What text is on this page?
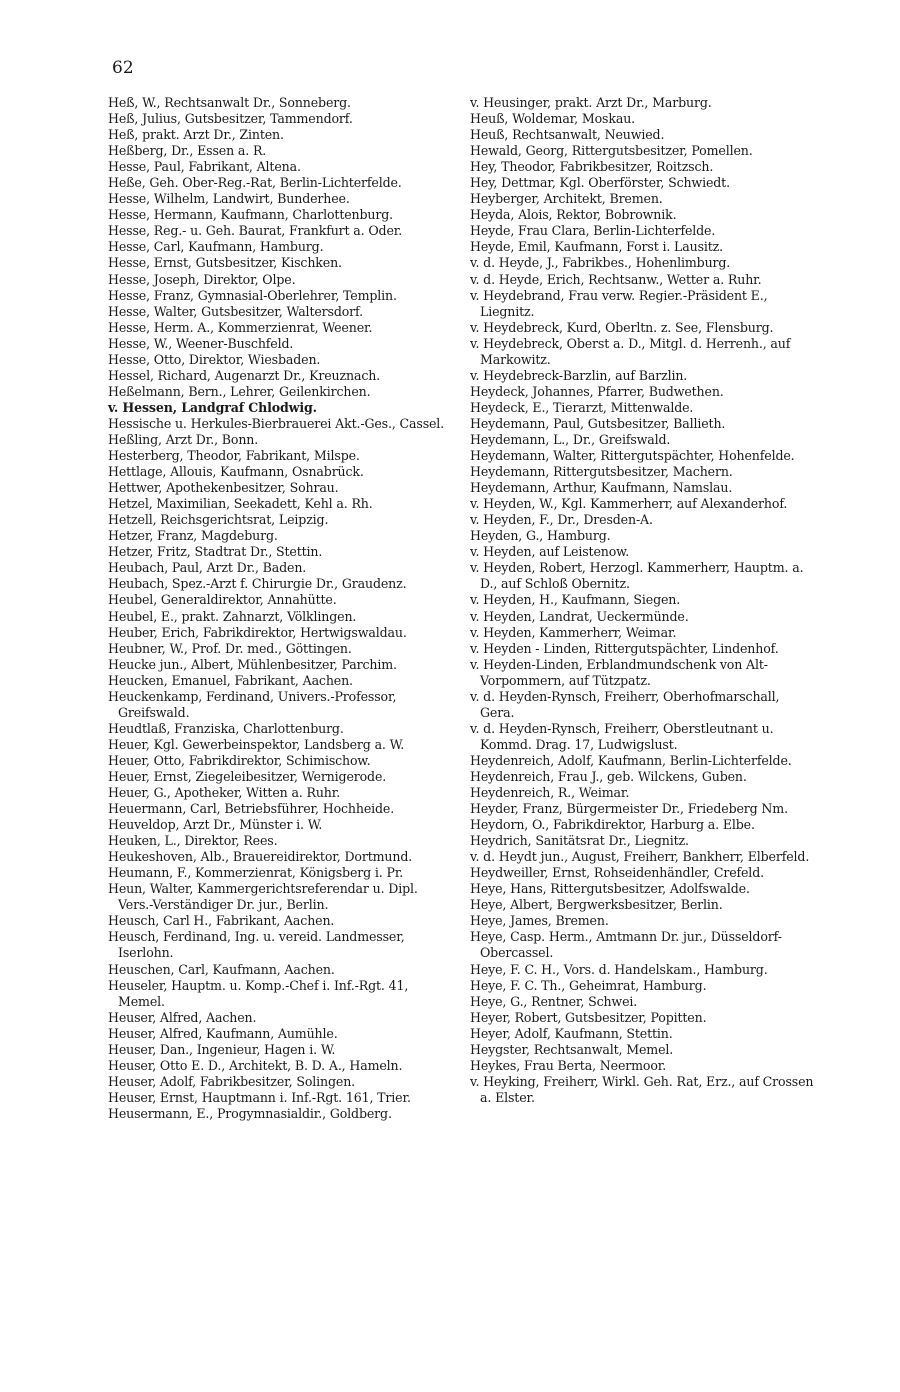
62
Heß, W., Rechtsanwalt Dr., Sonneberg.
Heß, Julius, Gutsbesitzer, Tammendorf.
Heß, prakt. Arzt Dr., Zinten.
Heßberg, Dr., Essen a. R.
Hesse, Paul, Fabrikant, Altena.
Heße, Geh. Ober-Reg.-Rat, Berlin-Lichterfelde.
Hesse, Wilhelm, Landwirt, Bunderhee.
Hesse, Hermann, Kaufmann, Charlottenburg.
Hesse, Reg.- u. Geh. Baurat, Frankfurt a. Oder.
Hesse, Carl, Kaufmann, Hamburg.
Hesse, Ernst, Gutsbesitzer, Kischken.
Hesse, Joseph, Direktor, Olpe.
Hesse, Franz, Gymnasial-Oberlehrer, Templin.
Hesse, Walter, Gutsbesitzer, Waltersdorf.
Hesse, Herm. A., Kommerzienrat, Weener.
Hesse, W., Weener-Buschfeld.
Hesse, Otto, Direktor, Wiesbaden.
Hessel, Richard, Augenarzt Dr., Kreuznach.
Heßelmann, Bern., Lehrer, Geilenkirchen.
v. Hessen, Landgraf Chlodwig.
Hessische u. Herkules-Bierbrauerei Akt.-Ges., Cassel.
Heßling, Arzt Dr., Bonn.
Hesterberg, Theodor, Fabrikant, Milspe.
Hettlage, Allouis, Kaufmann, Osnabrück.
Hettwer, Apothekenbesitzer, Sohrau.
Hetzel, Maximilian, Seekadett, Kehl a. Rh.
Hetzell, Reichsgerichtsrat, Leipzig.
Hetzer, Franz, Magdeburg.
Hetzer, Fritz, Stadtrat Dr., Stettin.
Heubach, Paul, Arzt Dr., Baden.
Heubach, Spez.-Arzt f. Chirurgie Dr., Graudenz.
Heubel, Generaldirektor, Annahütte.
Heubel, E., prakt. Zahnarzt, Völklingen.
Heuber, Erich, Fabrikdirektor, Hertwigswaldau.
Heubner, W., Prof. Dr. med., Göttingen.
Heucke jun., Albert, Mühlenbesitzer, Parchim.
Heucken, Emanuel, Fabrikant, Aachen.
Heuckenkamp, Ferdinand, Univers.-Professor, Greifswald.
Heudtlaß, Franziska, Charlottenburg.
Heuer, Kgl. Gewerbeinspektor, Landsberg a. W.
Heuer, Otto, Fabrikdirektor, Schimischow.
Heuer, Ernst, Ziegeleibesitzer, Wernigerode.
Heuer, G., Apotheker, Witten a. Ruhr.
Heuermann, Carl, Betriebsführer, Hochheide.
Heuveldop, Arzt Dr., Münster i. W.
Heuken, L., Direktor, Rees.
Heukeshoven, Alb., Brauereidirektor, Dortmund.
Heumann, F., Kommerzienrat, Königsberg i. Pr.
Heun, Walter, Kammergerichtsreferendar u. Dipl. Vers.-Verständiger Dr. jur., Berlin.
Heusch, Carl H., Fabrikant, Aachen.
Heusch, Ferdinand, Ing. u. vereid. Landmesser, Iserlohn.
Heuschen, Carl, Kaufmann, Aachen.
Heuseler, Hauptm. u. Komp.-Chef i. Inf.-Rgt. 41, Memel.
Heuser, Alfred, Aachen.
Heuser, Alfred, Kaufmann, Aumühle.
Heuser, Dan., Ingenieur, Hagen i. W.
Heuser, Otto E. D., Architekt, B. D. A., Hameln.
Heuser, Adolf, Fabrikbesitzer, Solingen.
Heuser, Ernst, Hauptmann i. Inf.-Rgt. 161, Trier.
Heusermann, E., Progymnasialdir., Goldberg.
v. Heusinger, prakt. Arzt Dr., Marburg.
Heuß, Woldemar, Moskau.
Heuß, Rechtsanwalt, Neuwied.
Hewald, Georg, Rittergutsbesitzer, Pomellen.
Hey, Theodor, Fabrikbesitzer, Roitzsch.
Hey, Dettmar, Kgl. Oberförster, Schwiedt.
Heyberger, Architekt, Bremen.
Heyda, Alois, Rektor, Bobrownik.
Heyde, Frau Clara, Berlin-Lichterfelde.
Heyde, Emil, Kaufmann, Forst i. Lausitz.
v. d. Heyde, J., Fabrikbes., Hohenlimburg.
v. d. Heyde, Erich, Rechtsanw., Wetter a. Ruhr.
v. Heydebrand, Frau verw. Regier.-Präsident E., Liegnitz.
v. Heydebreck, Kurd, Oberltn. z. See, Flensburg.
v. Heydebreck, Oberst a. D., Mitgl. d. Herrenh., auf Markowitz.
v. Heydebreck-Barzlin, auf Barzlin.
Heydeck, Johannes, Pfarrer, Budwethen.
Heydeck, E., Tierarzt, Mittenwalde.
Heydemann, Paul, Gutsbesitzer, Ballieth.
Heydemann, L., Dr., Greifswald.
Heydemann, Walter, Rittergutspächter, Hohenfelde.
Heydemann, Rittergutsbesitzer, Machern.
Heydemann, Arthur, Kaufmann, Namslau.
v. Heyden, W., Kgl. Kammerherr, auf Alexanderhof.
v. Heyden, F., Dr., Dresden-A.
Heyden, G., Hamburg.
v. Heyden, auf Leistenow.
v. Heyden, Robert, Herzogl. Kammerherr, Hauptm. a. D., auf Schloß Obernitz.
v. Heyden, H., Kaufmann, Siegen.
v. Heyden, Landrat, Ueckermünde.
v. Heyden, Kammerherr, Weimar.
v. Heyden - Linden, Rittergutspächter, Lindenhof.
v. Heyden-Linden, Erblandmundschenk von Alt-Vorpommern, auf Tützpatz.
v. d. Heyden-Rynsch, Freiherr, Oberhofmarschall, Gera.
v. d. Heyden-Rynsch, Freiherr, Oberstleutnant u. Kommd. Drag. 17, Ludwigslust.
Heydenreich, Adolf, Kaufmann, Berlin-Lichterfelde.
Heydenreich, Frau J., geb. Wilckens, Guben.
Heydenreich, R., Weimar.
Heyder, Franz, Bürgermeister Dr., Friedeberg Nm.
Heydorn, O., Fabrikdirektor, Harburg a. Elbe.
Heydrich, Sanitätsrat Dr., Liegnitz.
v. d. Heydt jun., August, Freiherr, Bankherr, Elberfeld.
Heydweiller, Ernst, Rohseidenhändler, Crefeld.
Heye, Hans, Rittergutsbesitzer, Adolfswalde.
Heye, Albert, Bergwerksbesitzer, Berlin.
Heye, James, Bremen.
Heye, Casp. Herm., Amtmann Dr. jur., Düsseldorf-Obercassel.
Heye, F. C. H., Vors. d. Handelskam., Hamburg.
Heye, F. C. Th., Geheimrat, Hamburg.
Heye, G., Rentner, Schwei.
Heyer, Robert, Gutsbesitzer, Popitten.
Heyer, Adolf, Kaufmann, Stettin.
Heygster, Rechtsanwalt, Memel.
Heykes, Frau Berta, Neermoor.
v. Heyking, Freiherr, Wirkl. Geh. Rat, Erz., auf Crossen a. Elster.
